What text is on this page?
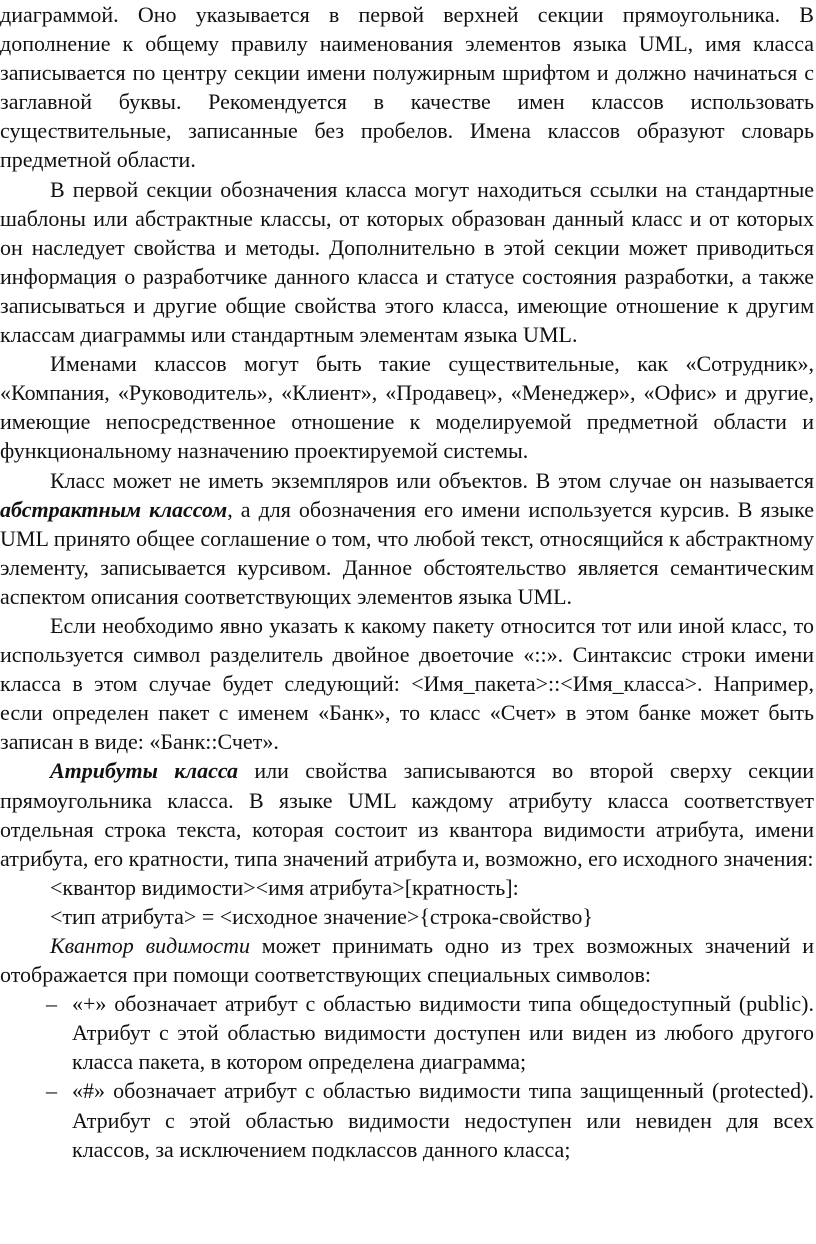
диаграммой. Оно указывается в первой верхней секции прямоугольника. В дополнение к общему правилу наименования элементов языка UML, имя класса записывается по центру секции имени полужирным шрифтом и должно начинаться с заглавной буквы. Рекомендуется в качестве имен классов использовать существительные, записанные без пробелов. Имена классов образуют словарь предметной области.

В первой секции обозначения класса могут находиться ссылки на стандартные шаблоны или абстрактные классы, от которых образован данный класс и от которых он наследует свойства и методы. Дополнительно в этой секции может приводиться информация о разработчике данного класса и статусе состояния разработки, а также записываться и другие общие свойства этого класса, имеющие отношение к другим классам диаграммы или стандартным элементам языка UML.

Именами классов могут быть такие существительные, как «Сотрудник», «Компания, «Руководитель», «Клиент», «Продавец», «Менеджер», «Офис» и другие, имеющие непосредственное отношение к моделируемой предметной области и функциональному назначению проектируемой системы.

Класс может не иметь экземпляров или объектов. В этом случае он называется абстрактным классом, а для обозначения его имени используется курсив. В языке UML принято общее соглашение о том, что любой текст, относящийся к абстрактному элементу, записывается курсивом. Данное обстоятельство является семантическим аспектом описания соответствующих элементов языка UML.

Если необходимо явно указать к какому пакету относится тот или иной класс, то используется символ разделитель двойное двоеточие «::». Синтаксис строки имени класса в этом случае будет следующий: <Имя_пакета>::<Имя_класса>. Например, если определен пакет с именем «Банк», то класс «Счет» в этом банке может быть записан в виде: «Банк::Счет».

Атрибуты класса или свойства записываются во второй сверху секции прямоугольника класса. В языке UML каждому атрибуту класса соответствует отдельная строка текста, которая состоит из квантора видимости атрибута, имени атрибута, его кратности, типа значений атрибута и, возможно, его исходного значения:

<квантор видимости><имя атрибута>[кратность]:

<тип атрибута> = <исходное значение>{строка-свойство}

Квантор видимости может принимать одно из трех возможных значений и отображается при помощи соответствующих специальных символов:

– «+» обозначает атрибут с областью видимости типа общедоступный (public). Атрибут с этой областью видимости доступен или виден из любого другого класса пакета, в котором определена диаграмма;
– «#» обозначает атрибут с областью видимости типа защищенный (protected). Атрибут с этой областью видимости недоступен или невиден для всех классов, за исключением подклассов данного класса;
